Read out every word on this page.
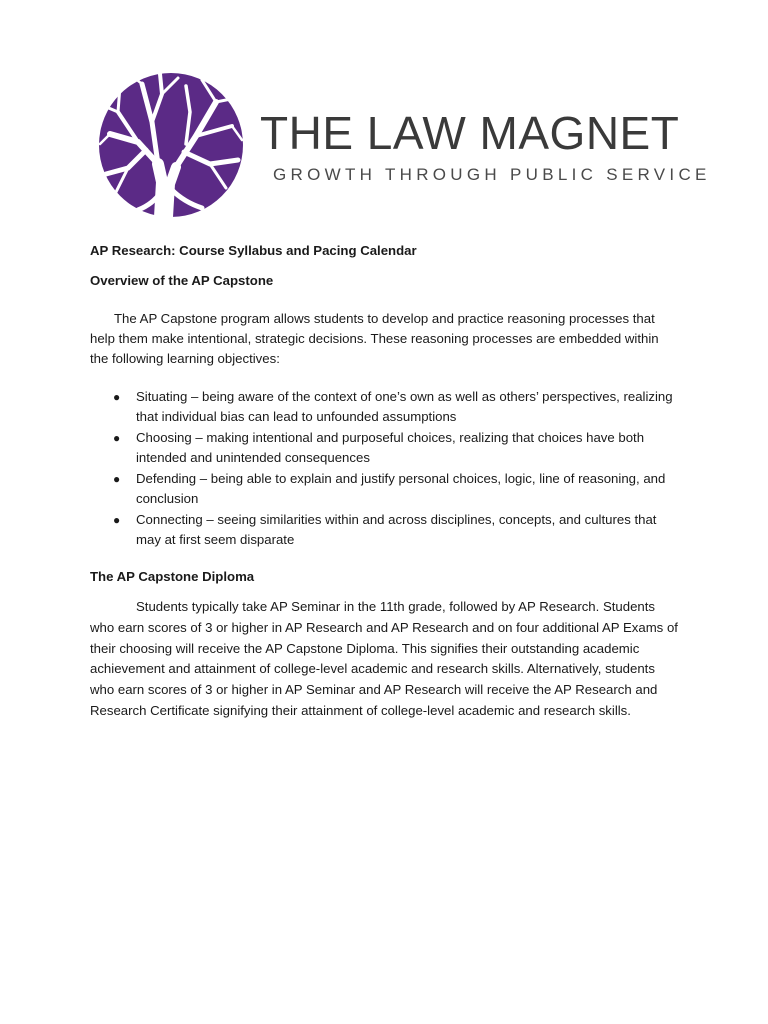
THE LAW MAGNET
GROWTH THROUGH PUBLIC SERVICE

AP Research: Course Syllabus and Pacing Calendar

Overview of the AP Capstone

The AP Capstone program allows students to develop and practice reasoning processes that help them make intentional, strategic decisions. These reasoning processes are embedded within the following learning objectives:

● Situating – being aware of the context of one’s own as well as others’ perspectives, realizing that individual bias can lead to unfounded assumptions
● Choosing – making intentional and purposeful choices, realizing that choices have both intended and unintended consequences
● Defending – being able to explain and justify personal choices, logic, line of reasoning, and conclusion
● Connecting – seeing similarities within and across disciplines, concepts, and cultures that may at first seem disparate

The AP Capstone Diploma

Students typically take AP Seminar in the 11th grade, followed by AP Research. Students who earn scores of 3 or higher in AP Research and AP Research and on four additional AP Exams of their choosing will receive the AP Capstone Diploma. This signifies their outstanding academic achievement and attainment of college-level academic and research skills. Alternatively, students who earn scores of 3 or higher in AP Seminar and AP Research will receive the AP Research and Research Certificate signifying their attainment of college-level academic and research skills.
